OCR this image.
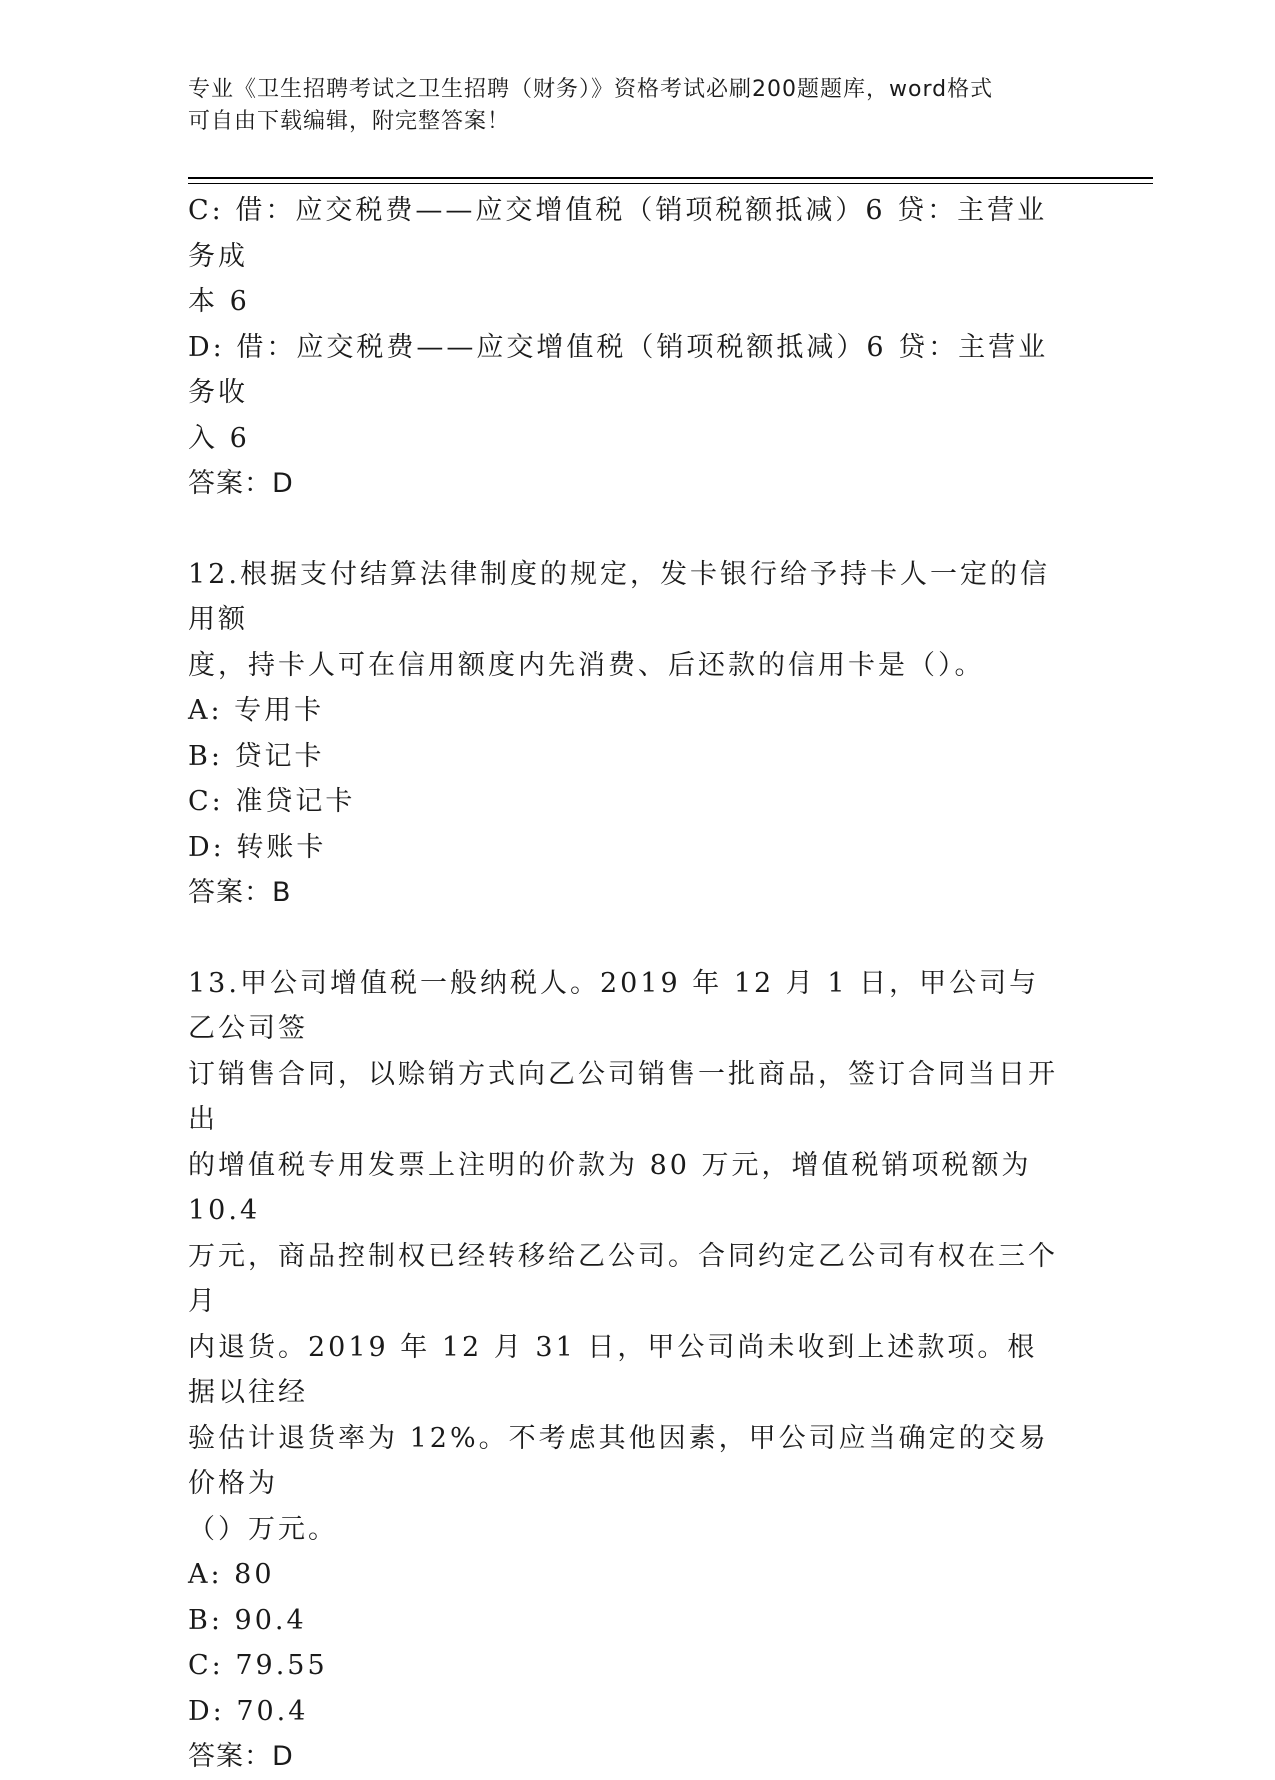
专业《卫生招聘考试之卫生招聘（财务）》资格考试必刷200题题库，word格式
可自由下载编辑，附完整答案！

C: 借：应交税费——应交增值税（销项税额抵减）6 贷：主营业务成

本 6

D: 借：应交税费——应交增值税（销项税额抵减）6 贷：主营业务收

入 6

答案：D

12.根据支付结算法律制度的规定，发卡银行给予持卡人一定的信用额

度，持卡人可在信用额度内先消费、后还款的信用卡是（）。

A: 专用卡

B: 贷记卡

C: 准贷记卡

D: 转账卡

答案：B

13.甲公司增值税一般纳税人。2019 年 12 月 1 日，甲公司与乙公司签

订销售合同，以赊销方式向乙公司销售一批商品，签订合同当日开出

的增值税专用发票上注明的价款为 80 万元，增值税销项税额为 10.4

万元，商品控制权已经转移给乙公司。合同约定乙公司有权在三个月

内退货。2019 年 12 月 31 日，甲公司尚未收到上述款项。根据以往经

验估计退货率为 12%。不考虑其他因素，甲公司应当确定的交易价格为

（）万元。

A: 80

B: 90.4

C: 79.55

D: 70.4

答案：D
